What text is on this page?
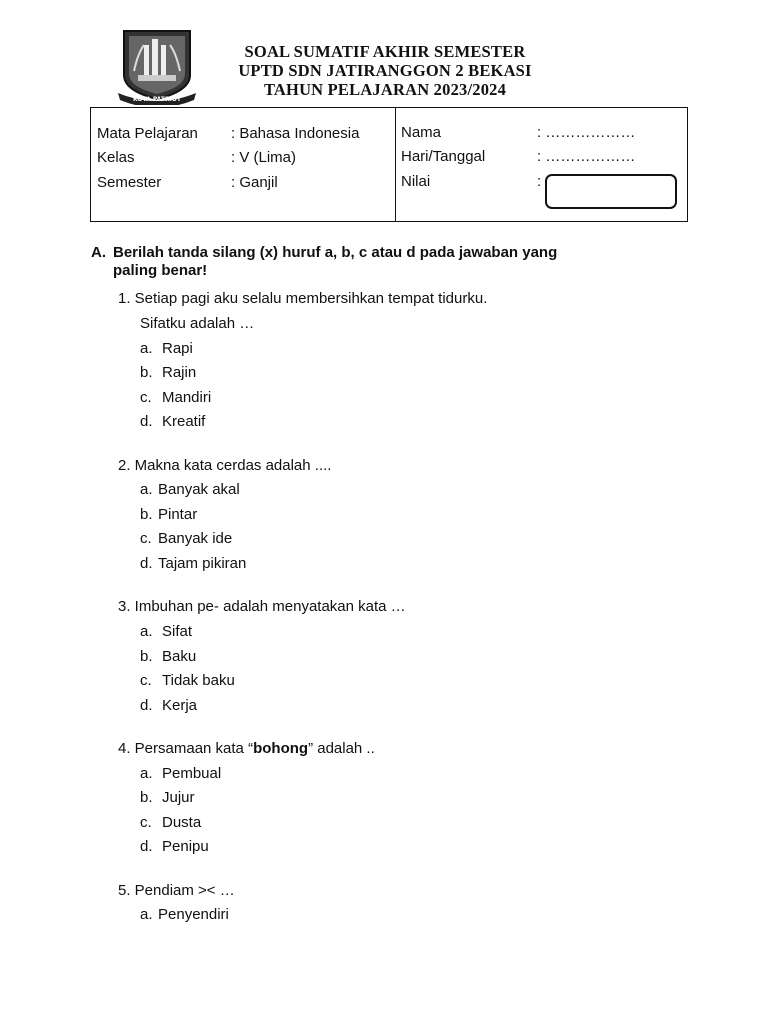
KOTA PATRIOT
SOAL SUMATIF AKHIR SEMESTER
UPTD SDN JATIRANGGON 2 BEKASI
TAHUN PELAJARAN 2023/2024
Mata Pelajaran : Bahasa Indonesia
Kelas	: V (Lima)
Semester	: Ganjil
Nama	: ………………
Hari/Tanggal	: ………………
Nilai	:
A. Berilah tanda silang (x) huruf a, b, c atau d pada jawaban yang
paling benar!
1. Setiap pagi aku selalu membersihkan tempat tidurku.
Sifatku adalah …
a. Rapi
b. Rajin
c. Mandiri
d. Kreatif
2. Makna kata cerdas adalah ....
a. Banyak akal
b. Pintar
c. Banyak ide
d. Tajam pikiran
3. Imbuhan pe- adalah menyatakan kata …
a. Sifat
b. Baku
c. Tidak baku
d. Kerja
4. Persamaan kata “bohong” adalah ..
a. Pembual
b. Jujur
c. Dusta
d. Penipu
5. Pendiam >< …
a. Penyendiri
